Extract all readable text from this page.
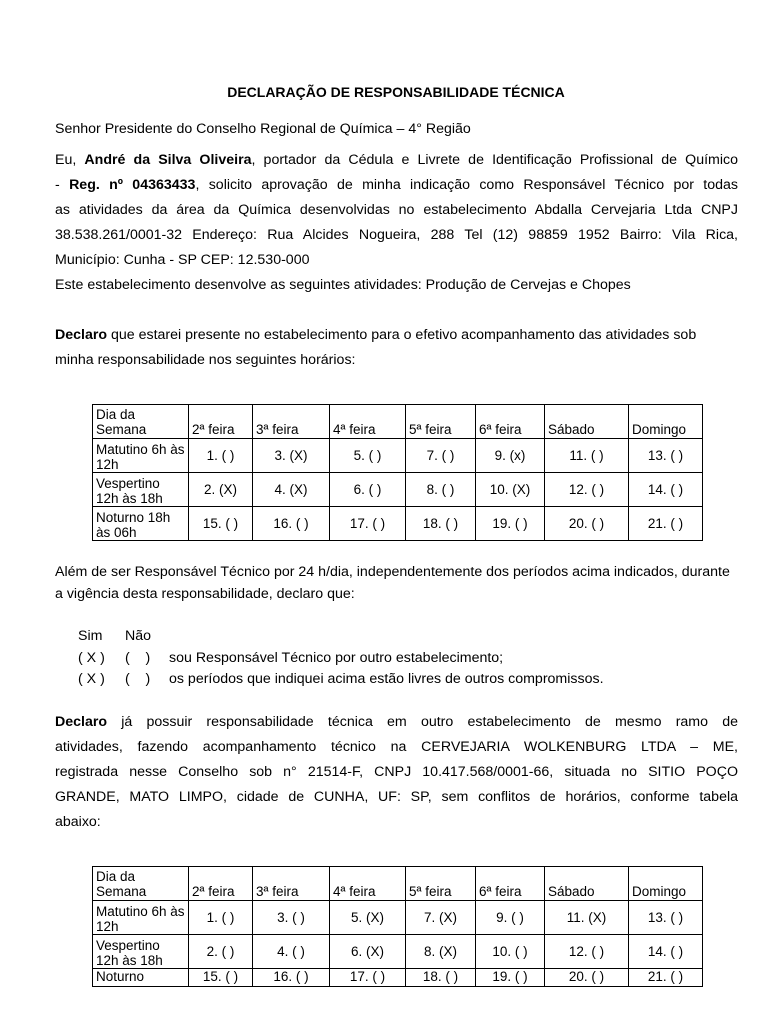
DECLARAÇÃO DE RESPONSABILIDADE TÉCNICA
Senhor Presidente do Conselho Regional de Química – 4° Região
Eu, André da Silva Oliveira, portador da Cédula e Livrete de Identificação Profissional de Químico
- Reg. nº 04363433, solicito aprovação de minha indicação como Responsável Técnico por todas
as atividades da área da Química desenvolvidas no estabelecimento Abdalla Cervejaria Ltda CNPJ
38.538.261/0001-32 Endereço: Rua Alcides Nogueira, 288 Tel (12) 98859 1952 Bairro: Vila Rica,
Município: Cunha - SP CEP: 12.530-000
Este estabelecimento desenvolve as seguintes atividades: Produção de Cervejas e Chopes
Declaro que estarei presente no estabelecimento para o efetivo acompanhamento das atividades sob minha responsabilidade nos seguintes horários:
Dia da Semana	2ª feira	3ª feira	4ª feira	5ª feira	6ª feira	Sábado	Domingo
Matutino 6h às 12h	1. ( )	3. (X)	5. ( )	7. ( )	9. (x)	11. ( )	13. ( )
Vespertino 12h às 18h	2. (X)	4. (X)	6. ( )	8. ( )	10. (X)	12. ( )	14. ( )
Noturno 18h às 06h	15. ( )	16. ( )	17. ( )	18. ( )	19. ( )	20. ( )	21. ( )
Além de ser Responsável Técnico por 24 h/dia, independentemente dos períodos acima indicados, durante a vigência desta responsabilidade, declaro que:
Sim Não
( X ) (    ) sou Responsável Técnico por outro estabelecimento;
( X ) (    ) os períodos que indiquei acima estão livres de outros compromissos.
Declaro já possuir responsabilidade técnica em outro estabelecimento de mesmo ramo de
atividades, fazendo acompanhamento técnico na CERVEJARIA WOLKENBURG LTDA – ME,
registrada nesse Conselho sob n° 21514-F, CNPJ 10.417.568/0001-66, situada no SITIO POÇO
GRANDE, MATO LIMPO, cidade de CUNHA, UF: SP, sem conflitos de horários, conforme tabela
abaixo:
Dia da Semana	2ª feira	3ª feira	4ª feira	5ª feira	6ª feira	Sábado	Domingo
Matutino 6h às 12h	1. ( )	3. ( )	5. (X)	7. (X)	9. ( )	11. (X)	13. ( )
Vespertino 12h às 18h	2. ( )	4. ( )	6. (X)	8. (X)	10. ( )	12. ( )	14. ( )
Noturno	15. ( )	16. ( )	17. ( )	18. ( )	19. ( )	20. ( )	21. ( )
